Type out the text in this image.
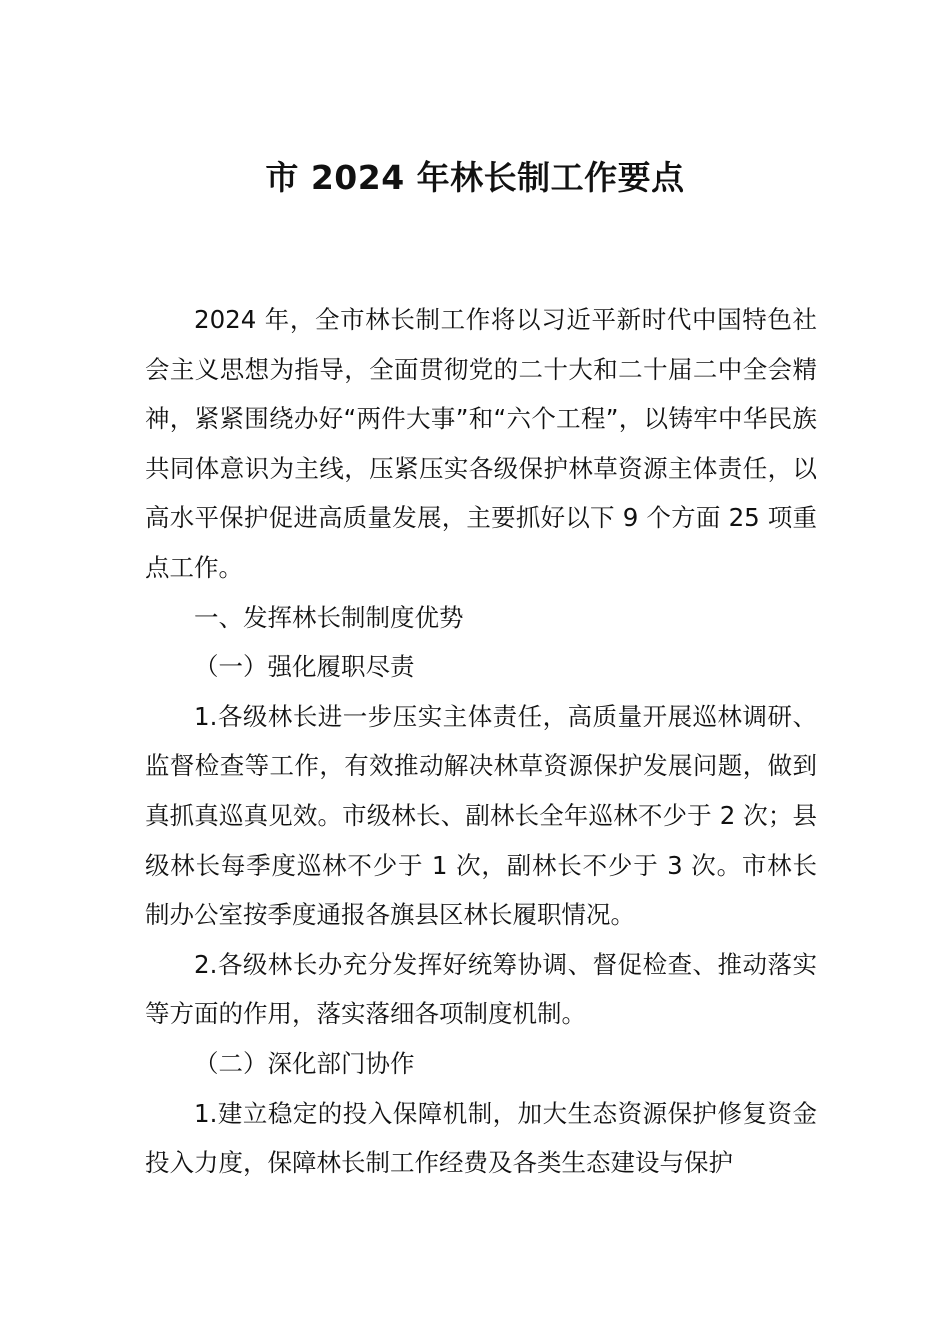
市 2024 年林长制工作要点

2024 年，全市林长制工作将以习近平新时代中国特色社会主义思想为指导，全面贯彻党的二十大和二十届二中全会精神，紧紧围绕办好“两件大事”和“六个工程”，以铸牢中华民族共同体意识为主线，压紧压实各级保护林草资源主体责任，以高水平保护促进高质量发展，主要抓好以下 9 个方面 25 项重点工作。

一、发挥林长制制度优势

（一）强化履职尽责

1.各级林长进一步压实主体责任，高质量开展巡林调研、监督检查等工作，有效推动解决林草资源保护发展问题，做到真抓真巡真见效。市级林长、副林长全年巡林不少于 2 次；县级林长每季度巡林不少于 1 次，副林长不少于 3 次。市林长制办公室按季度通报各旗县区林长履职情况。

2.各级林长办充分发挥好统筹协调、督促检查、推动落实等方面的作用，落实落细各项制度机制。

（二）深化部门协作

1.建立稳定的投入保障机制，加大生态资源保护修复资金投入力度，保障林长制工作经费及各类生态建设与保护
